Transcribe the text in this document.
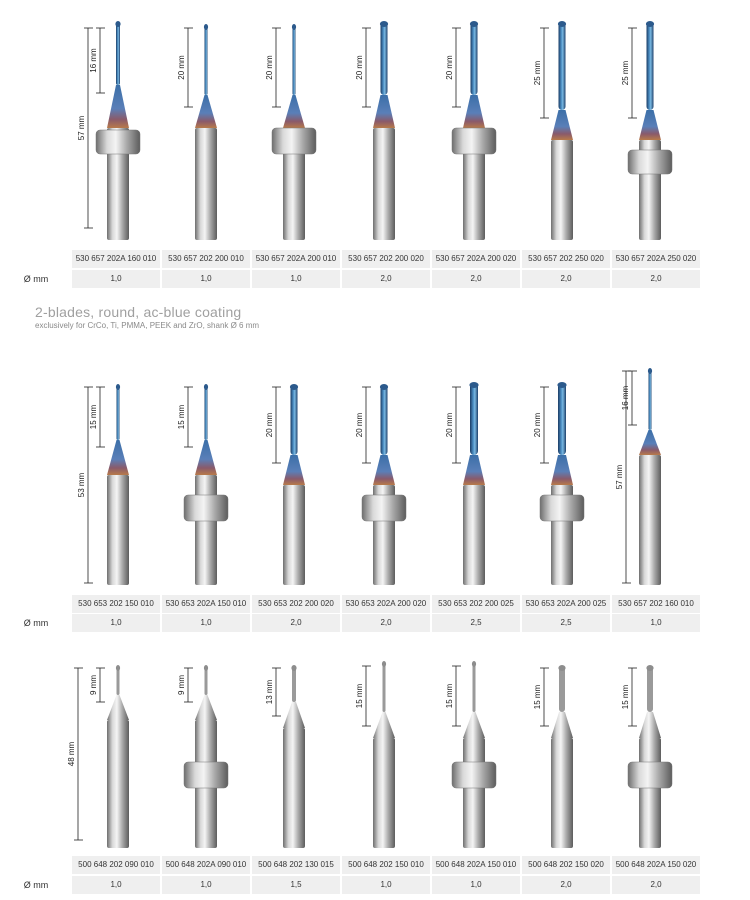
16 mm	20 mm	20 mm	20 mm	20 mm	25 mm	25 mm
57 mm
530 657 202A 160 010	530 657 202 200 010	530 657 202A 200 010	530 657 202 200 020	530 657 202A 200 020	530 657 202 250 020	530 657 202A 250 020
Ø mm	1,0	1,0	1,0	2,0	2,0	2,0	2,0
2-blades, round, ac-blue coating
exclusively for CrCo, Ti, PMMA, PEEK and ZrO, shank Ø 6 mm
15 mm	15 mm	20 mm	20 mm	20 mm	20 mm
16 mm
53 mm	57 mm
530 653 202 150 010	530 653 202A 150 010	530 653 202 200 020	530 653 202A 200 020	530 653 202 200 025	530 653 202A 200 025	530 657 202 160 010
Ø mm	1,0	1,0	2,0	2,0	2,5	2,5	1,0
9 mm	9 mm	13 mm	15 mm	15 mm	15 mm	15 mm
48 mm
500 648 202 090 010	500 648 202A 090 010	500 648 202 130 015	500 648 202 150 010	500 648 202A 150 010	500 648 202 150 020	500 648 202A 150 020
Ø mm	1,0	1,0	1,5	1,0	1,0	2,0	2,0
